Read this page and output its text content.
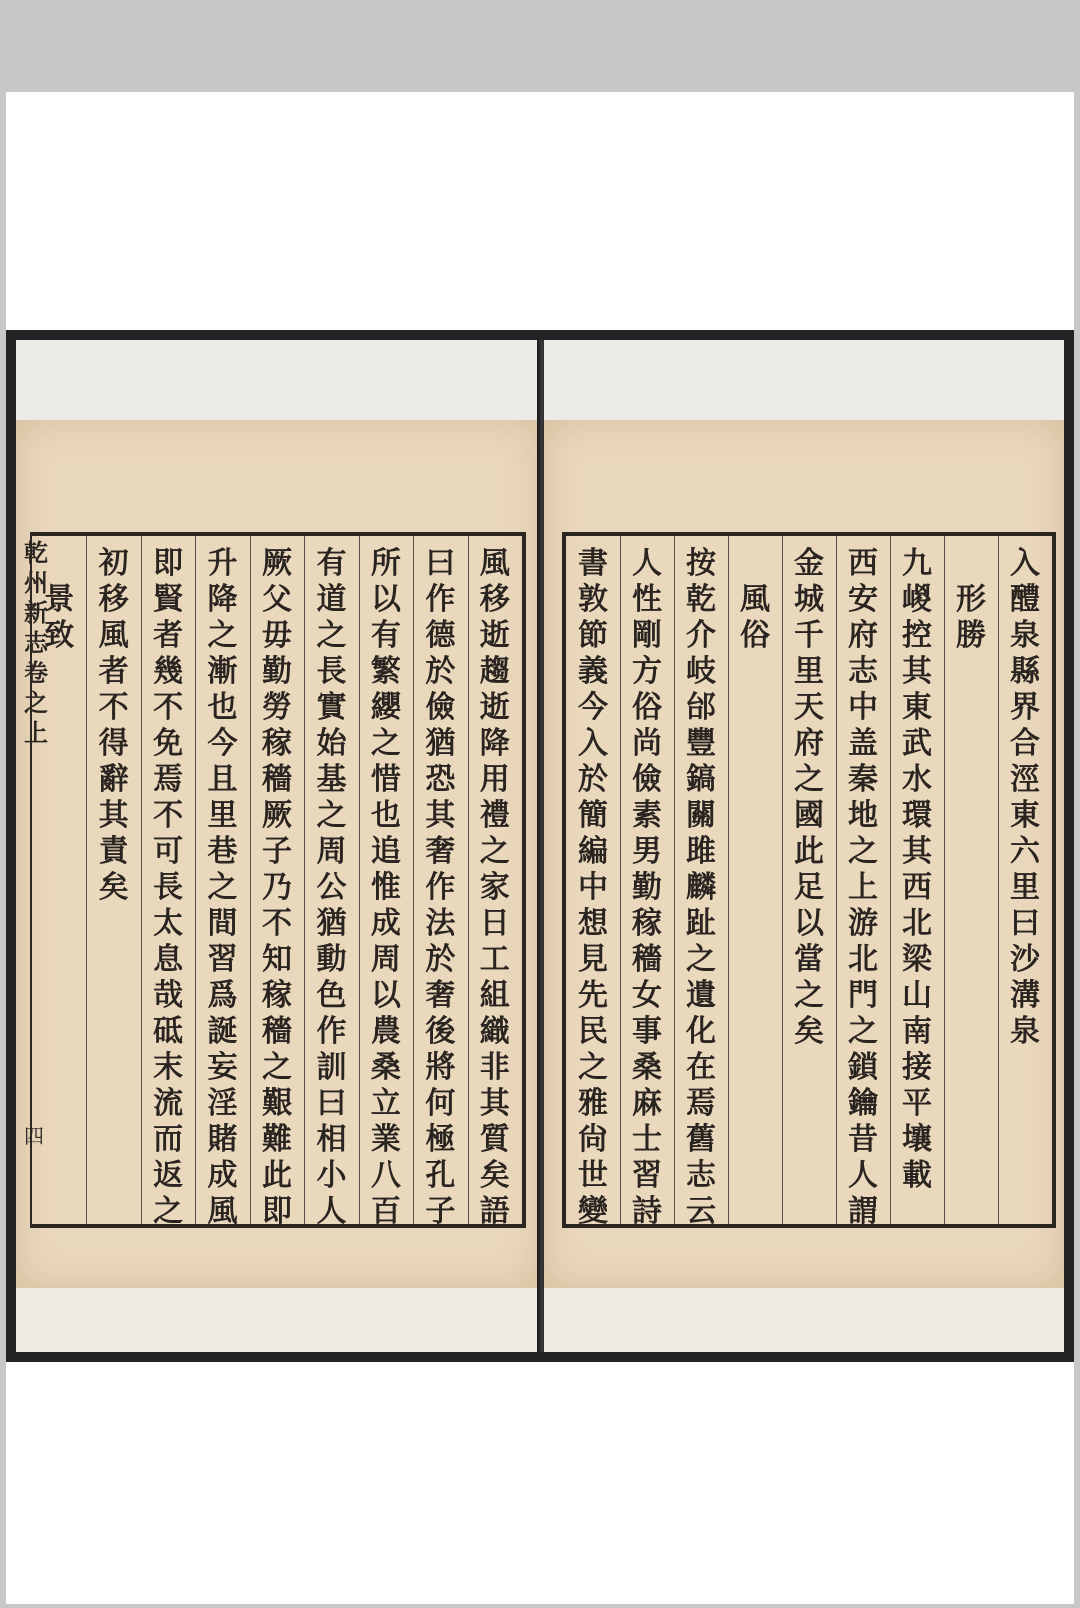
乾
州
新
志
卷
之
上
四
風
移
逝
趨
逝
降
用
禮
之
家
日
工
組
織
非
其
質
矣
語
曰
作
德
於
儉
猶
恐
其
奢
作
法
於
奢
後
將
何
極
孔
子
所
以
有
繁
纓
之
惜
也
追
惟
成
周
以
農
桑
立
業
八
百
有
道
之
長
實
始
基
之
周
公
猶
動
色
作
訓
曰
相
小
人
厥
父
毋
勤
勞
稼
穡
厥
子
乃
不
知
稼
穡
之
艱
難
此
即
升
降
之
漸
也
今
且
里
巷
之
間
習
爲
誕
妄
淫
賭
成
風
即
賢
者
幾
不
免
焉
不
可
長
太
息
哉
砥
末
流
而
返
之
初
移
風
者
不
得
辭
其
責
矣

景
致
入
醴
泉
縣
界
合
涇
東
六
里
曰
沙
溝
泉

形
勝
九
嵕
控
其
東
武
水
環
其
西
北
梁
山
南
接
平
壤
載
西
安
府
志
中
盖
秦
地
之
上
游
北
門
之
鎖
鑰
昔
人
謂
金
城
千
里
天
府
之
國
此
足
以
當
之
矣

風
俗
按
乾
介
岐
邰
豐
鎬
關
雎
麟
趾
之
遺
化
在
焉
舊
志
云
人
性
剛
方
俗
尚
儉
素
男
勤
稼
穡
女
事
桑
麻
士
習
詩
書
敦
節
義
今
入
於
簡
編
中
想
見
先
民
之
雅
尙
世
變
